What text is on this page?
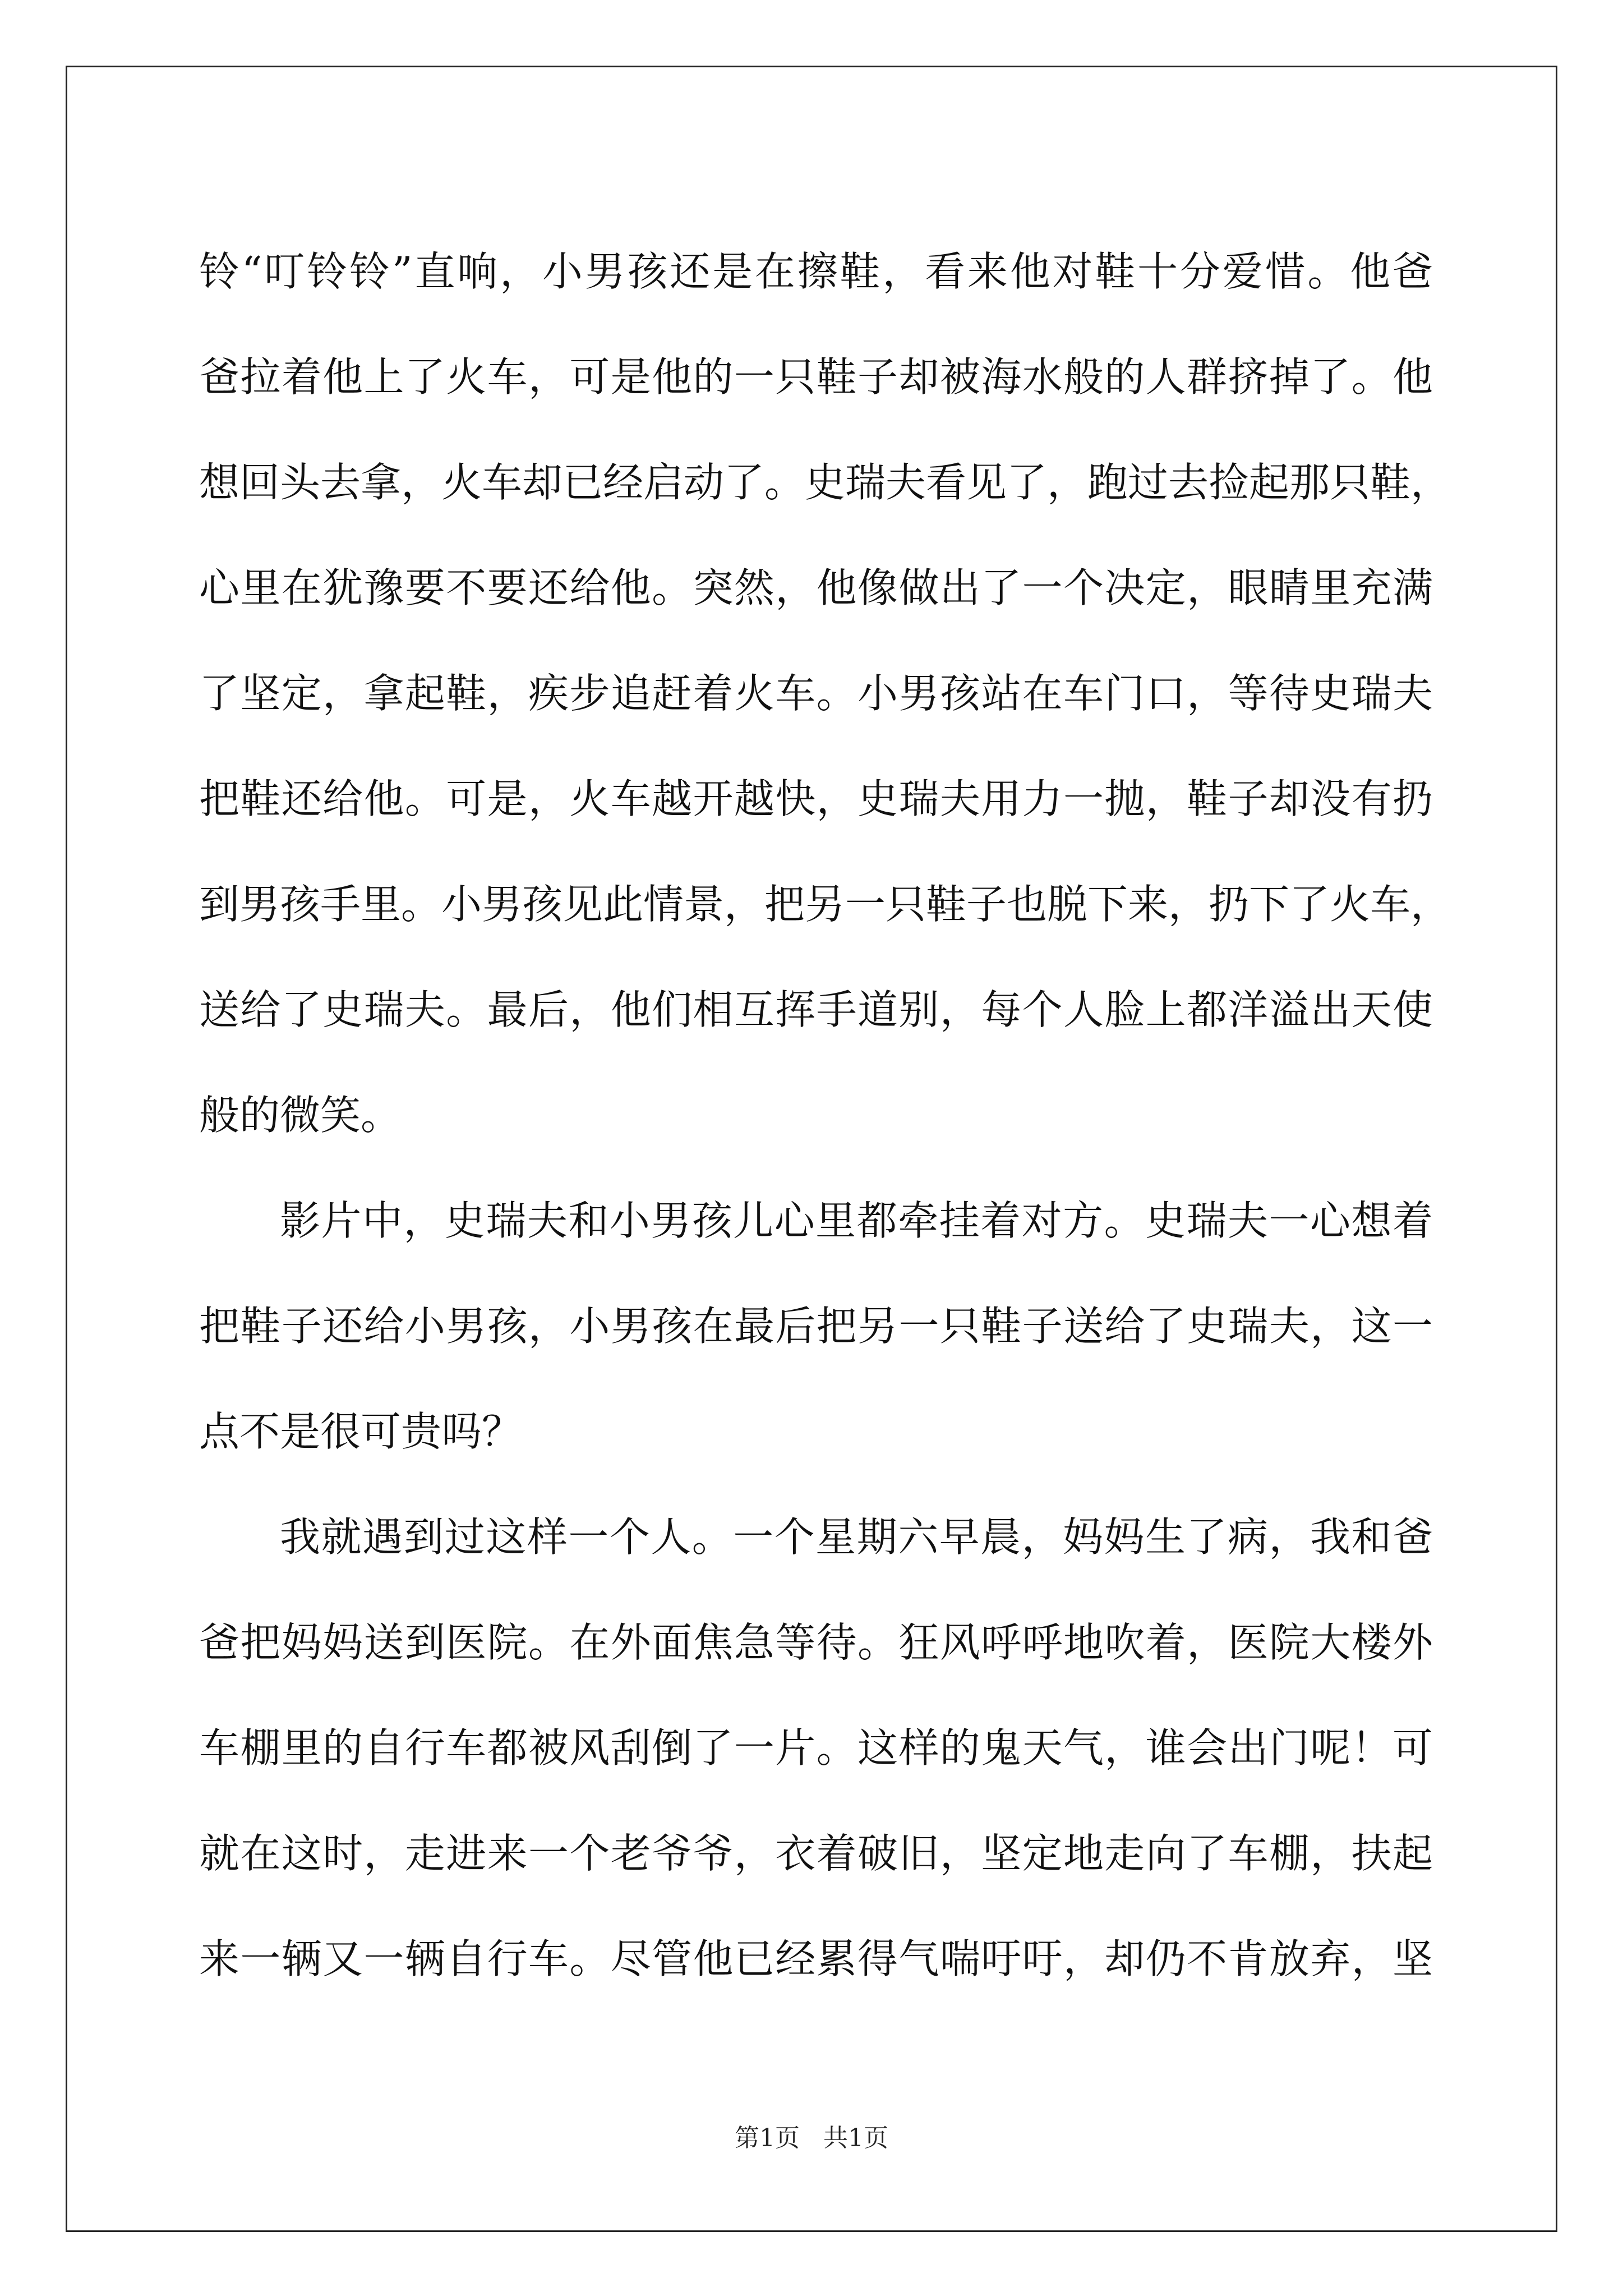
铃“叮铃铃”直响，小男孩还是在擦鞋，看来他对鞋十分爱惜。他爸
爸拉着他上了火车，可是他的一只鞋子却被海水般的人群挤掉了。他
想回头去拿，火车却已经启动了。史瑞夫看见了，跑过去捡起那只鞋，
心里在犹豫要不要还给他。突然，他像做出了一个决定，眼睛里充满
了坚定，拿起鞋，疾步追赶着火车。小男孩站在车门口，等待史瑞夫
把鞋还给他。可是，火车越开越快，史瑞夫用力一抛，鞋子却没有扔
到男孩手里。小男孩见此情景，把另一只鞋子也脱下来，扔下了火车，
送给了史瑞夫。最后，他们相互挥手道别，每个人脸上都洋溢出天使
般的微笑。
影片中，史瑞夫和小男孩儿心里都牵挂着对方。史瑞夫一心想着
把鞋子还给小男孩，小男孩在最后把另一只鞋子送给了史瑞夫，这一
点不是很可贵吗？
我就遇到过这样一个人。一个星期六早晨，妈妈生了病，我和爸
爸把妈妈送到医院。在外面焦急等待。狂风呼呼地吹着，医院大楼外
车棚里的自行车都被风刮倒了一片。这样的鬼天气，谁会出门呢！可
就在这时，走进来一个老爷爷，衣着破旧，坚定地走向了车棚，扶起
来一辆又一辆自行车。尽管他已经累得气喘吁吁，却仍不肯放弃，坚
第1页   共1页
